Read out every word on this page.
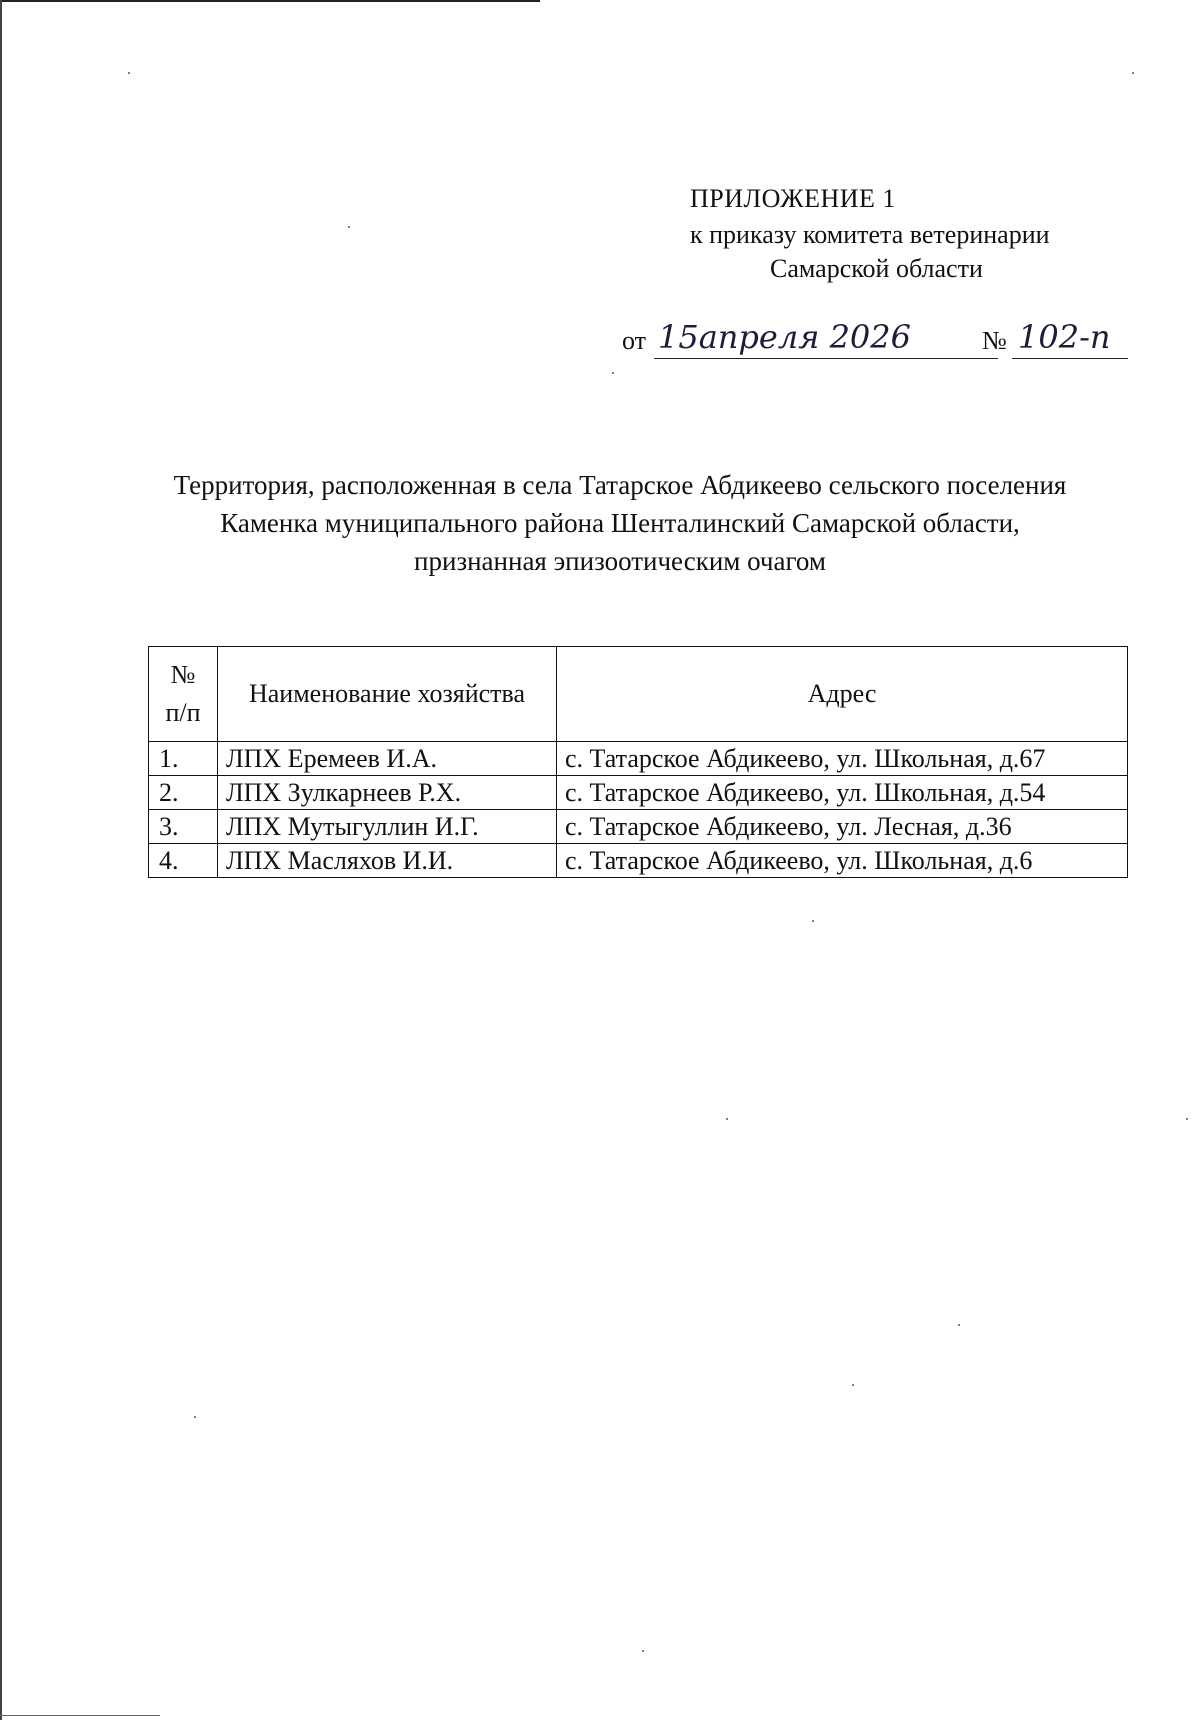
ПРИЛОЖЕНИЕ 1
к приказу комитета ветеринарии
Самарской области
от 15апреля 2026	№ 102-п
Территория, расположенная в села Татарское Абдикеево сельского поселения
Каменка муниципального района Шенталинский Самарской области,
признанная эпизоотическим очагом
№
п/п	Наименование хозяйства	Адрес
1.	ЛПХ Еремеев И.А.	с. Татарское Абдикеево, ул. Школьная, д.67
2.	ЛПХ Зулкарнеев Р.Х.	с. Татарское Абдикеево, ул. Школьная, д.54
3.	ЛПХ Мутыгуллин И.Г.	с. Татарское Абдикеево, ул. Лесная, д.36
4.	ЛПХ Масляхов И.И.	с. Татарское Абдикеево, ул. Школьная, д.6
